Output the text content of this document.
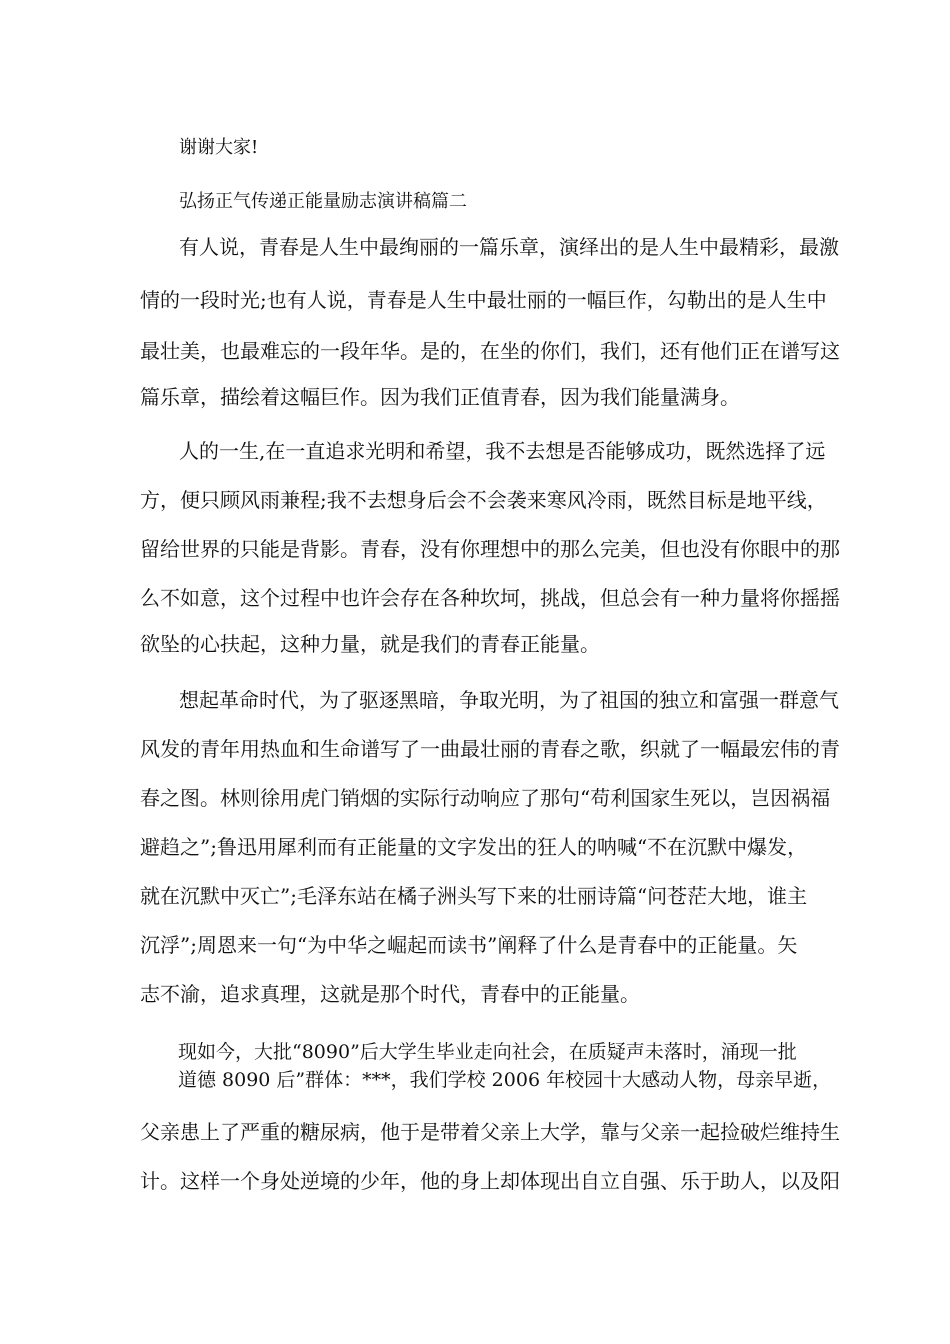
谢谢大家!

弘扬正气传递正能量励志演讲稿篇二

有人说，青春是人生中最绚丽的一篇乐章，演绎出的是人生中最精彩，最激

情的一段时光;也有人说，青春是人生中最壮丽的一幅巨作，勾勒出的是人生中

最壮美，也最难忘的一段年华。是的，在坐的你们，我们，还有他们正在谱写这

篇乐章，描绘着这幅巨作。因为我们正值青春，因为我们能量满身。

人的一生,在一直追求光明和希望，我不去想是否能够成功，既然选择了远

方，便只顾风雨兼程;我不去想身后会不会袭来寒风冷雨，既然目标是地平线，

留给世界的只能是背影。青春，没有你理想中的那么完美，但也没有你眼中的那

么不如意，这个过程中也许会存在各种坎坷，挑战，但总会有一种力量将你摇摇

欲坠的心扶起，这种力量，就是我们的青春正能量。

想起革命时代，为了驱逐黑暗，争取光明，为了祖国的独立和富强一群意气

风发的青年用热血和生命谱写了一曲最壮丽的青春之歌，织就了一幅最宏伟的青

春之图。林则徐用虎门销烟的实际行动响应了那句“苟利国家生死以，岂因祸福

避趋之”;鲁迅用犀利而有正能量的文字发出的狂人的呐喊“不在沉默中爆发，

就在沉默中灭亡”;毛泽东站在橘子洲头写下来的壮丽诗篇“问苍茫大地，谁主

沉浮”;周恩来一句“为中华之崛起而读书”阐释了什么是青春中的正能量。矢

志不渝，追求真理，这就是那个时代，青春中的正能量。

现如今，大批“8090”后大学生毕业走向社会，在质疑声未落时，涌现一批

道德 8090 后”群体：***，我们学校 2006 年校园十大感动人物，母亲早逝，

父亲患上了严重的糖尿病，他于是带着父亲上大学，靠与父亲一起捡破烂维持生

计。这样一个身处逆境的少年，他的身上却体现出自立自强、乐于助人，以及阳
